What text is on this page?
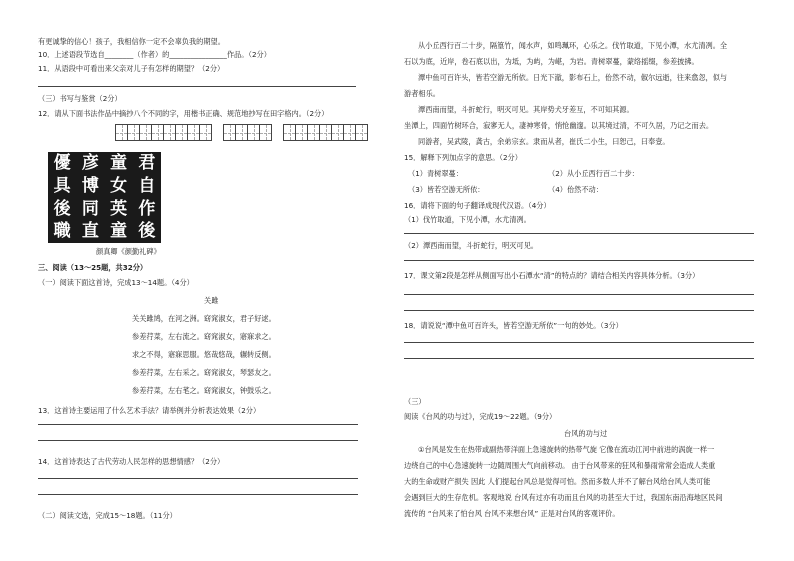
有更诚挚的信心！孩子，我相信你一定不会辜负我的期望。
10．上述语段节选自________（作者）的________________作品。（2分）
11．从语段中可看出来父亲对儿子有怎样的期望？（2分）
（三）书写与鉴赏（2分）
12．请从下面书法作品中摘抄八个不同的字，用楷书正确、规范地抄写在田字格内。（2分）
優 彦 童 君
具 博 女 自
後 同 英 作
職 直 童 後
颜真卿《颜勤礼碑》
三、阅读（13～25题，共32分）
（一）阅读下面这首诗，完成13～14题。（4分）
关雎
关关雎鸠，在河之洲。窈窕淑女，君子好逑。
参差荇菜，左右流之。窈窕淑女，寤寐求之。
求之不得，寤寐思服。悠哉悠哉，辗转反侧。
参差荇菜，左右采之。窈窕淑女，琴瑟友之。
参差荇菜，左右芼之。窈窕淑女，钟鼓乐之。
13．这首诗主要运用了什么艺术手法？请举例并分析表达效果（2分）
14．这首诗表达了古代劳动人民怎样的思想情感？（2分）
（二）阅读文选，完成15～18题。（11分）
从小丘西行百二十步，隔篁竹，闻水声，如鸣珮环，心乐之。伐竹取道，下见小潭，水尤清冽。全
石以为底，近岸，卷石底以出，为坻，为屿，为嵁，为岩。青树翠蔓，蒙络摇缀，参差披拂。
潭中鱼可百许头，皆若空游无所依。日光下澈，影布石上，佁然不动，俶尔远逝，往来翕忽，似与
游者相乐。
潭西南而望，斗折蛇行，明灭可见。其岸势犬牙差互，不可知其源。
坐潭上，四面竹树环合，寂寥无人，凄神寒骨，悄怆幽邃。以其境过清，不可久居，乃记之而去。
同游者，吴武陵，龚古，余弟宗玄。隶而从者，崔氏二小生，曰恕己，曰奉壹。
15．解释下列加点字的意思。（2分）
（1）青树翠蔓：	（2）从小丘西行百二十步：
（3）皆若空游无所依：	（4）佁然不动：
16．请将下面的句子翻译成现代汉语。（4分）
（1）伐竹取道，下见小潭，水尤清冽。
（2）潭西南而望，斗折蛇行，明灭可见。
17．课文第2段是怎样从侧面写出小石潭水“清”的特点的？请结合相关内容具体分析。（3分）
18．请说说“潭中鱼可百许头，皆若空游无所依”一句的妙处。（3分）
（三）
阅读《台风的功与过》，完成19～22题。（9分）
台风的功与过
①台风是发生在热带或副热带洋面上急速旋转的热带气旋 它像在流动江河中前进的涡旋一样一
边绕自己的中心急速旋转一边随周围大气向前移动。 由于台风带来的狂风和暴雨常常会造成人类重
大的生命或财产损失 因此 人们提起台风总是觉得可怕。然而多数人并不了解台风给台风人类可能
会遇到巨大的生存危机。客观地说 台风有过亦有功而且台风的功甚至大于过，我国东南沿海地区民间
流传的 “台风来了怕台风 台风不来想台风” 正是对台风的客观评价。
